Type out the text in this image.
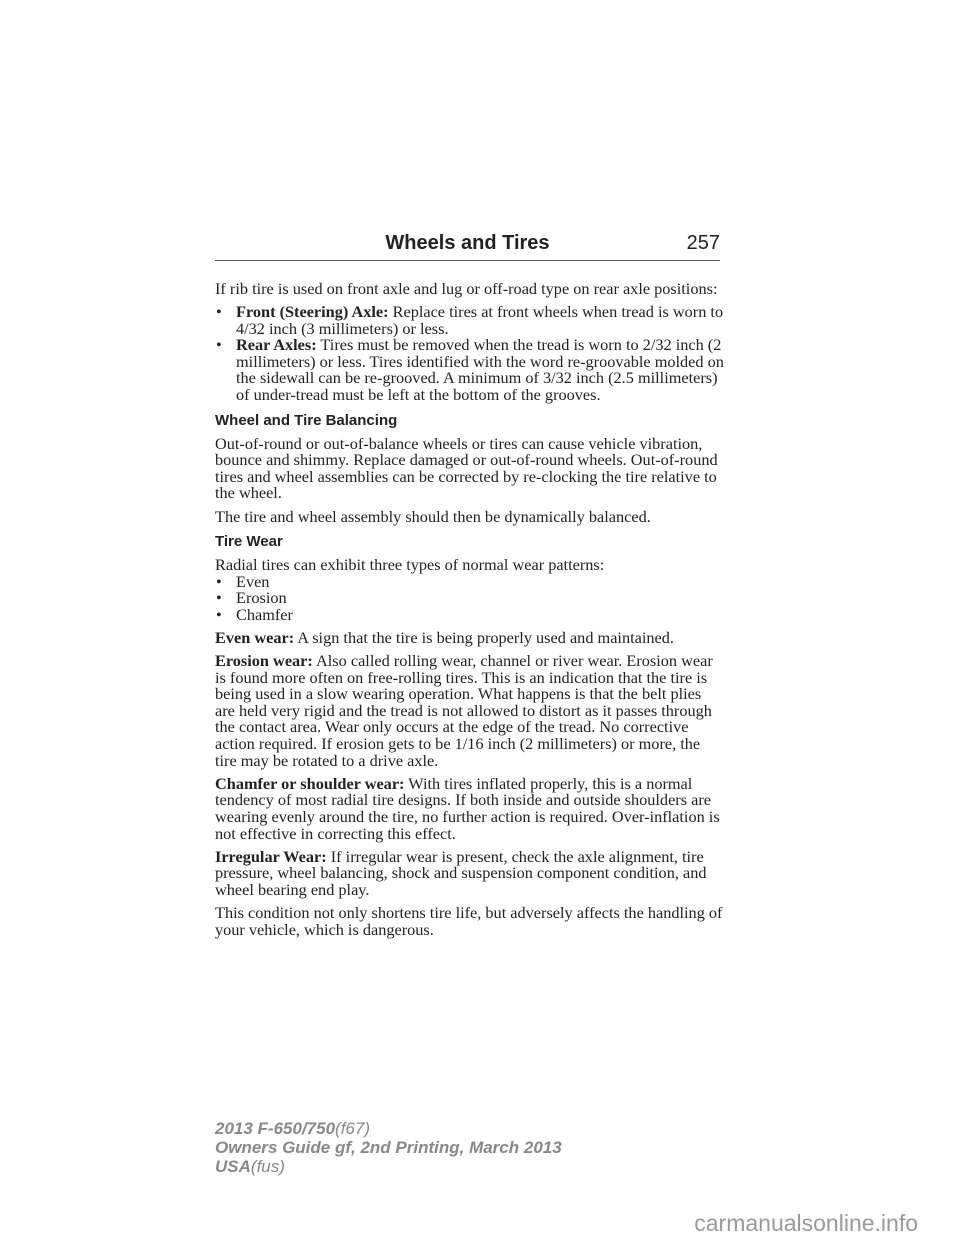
Wheels and Tires	257

If rib tire is used on front axle and lug or off-road type on rear axle positions:

• Front (Steering) Axle: Replace tires at front wheels when tread is worn to 4/32 inch (3 millimeters) or less.
• Rear Axles: Tires must be removed when the tread is worn to 2/32 inch (2 millimeters) or less. Tires identified with the word re-groovable molded on the sidewall can be re-grooved. A minimum of 3/32 inch (2.5 millimeters) of under-tread must be left at the bottom of the grooves.
Wheel and Tire Balancing

Out-of-round or out-of-balance wheels or tires can cause vehicle vibration, bounce and shimmy. Replace damaged or out-of-round wheels. Out-of-round tires and wheel assemblies can be corrected by re-clocking the tire relative to the wheel.

The tire and wheel assembly should then be dynamically balanced.

Tire Wear

Radial tires can exhibit three types of normal wear patterns:

• Even
• Erosion
• Chamfer

Even wear: A sign that the tire is being properly used and maintained.

Erosion wear: Also called rolling wear, channel or river wear. Erosion wear is found more often on free-rolling tires. This is an indication that the tire is being used in a slow wearing operation. What happens is that the belt plies are held very rigid and the tread is not allowed to distort as it passes through the contact area. Wear only occurs at the edge of the tread. No corrective action required. If erosion gets to be 1/16 inch (2 millimeters) or more, the tire may be rotated to a drive axle.

Chamfer or shoulder wear: With tires inflated properly, this is a normal tendency of most radial tire designs. If both inside and outside shoulders are wearing evenly around the tire, no further action is required. Over-inflation is not effective in correcting this effect.

Irregular Wear: If irregular wear is present, check the axle alignment, tire pressure, wheel balancing, shock and suspension component condition, and wheel bearing end play.

This condition not only shortens tire life, but adversely affects the handling of your vehicle, which is dangerous.

2013 F-650/750(f67)
Owners Guide gf, 2nd Printing, March 2013
USA(fus)
carmanualsonline.info
